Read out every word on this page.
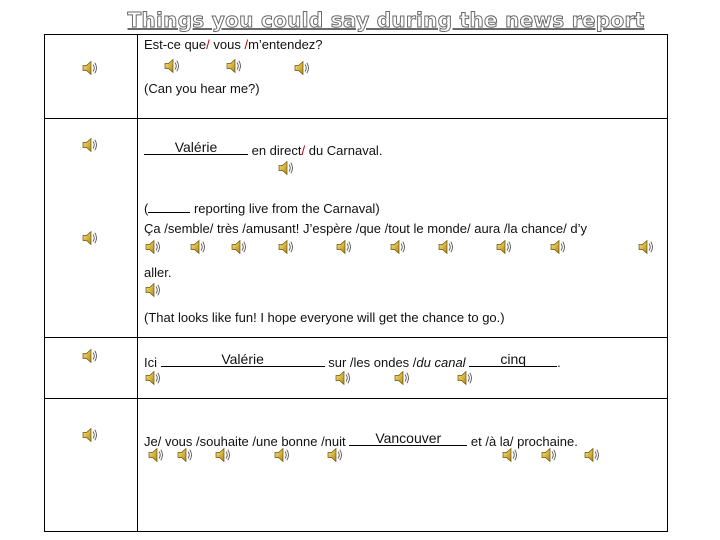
Things you could say during the news report
Est-ce que/ vous /m’entendez?
(Can you hear me?)
Valérie	en direct/ du Carnaval.
(	reporting live from the Carnaval)
Ça /semble/ très /amusant! J’espère /que /tout le monde/ aura /la chance/ d’y
aller.
(That looks like fun! I hope everyone will get the chance to go.)
Ici	Valérie	sur /les ondes /du canal	cinq	.
Je/ vous /souhaite /une bonne /nuit	Vancouver	et /à la/ prochaine.
